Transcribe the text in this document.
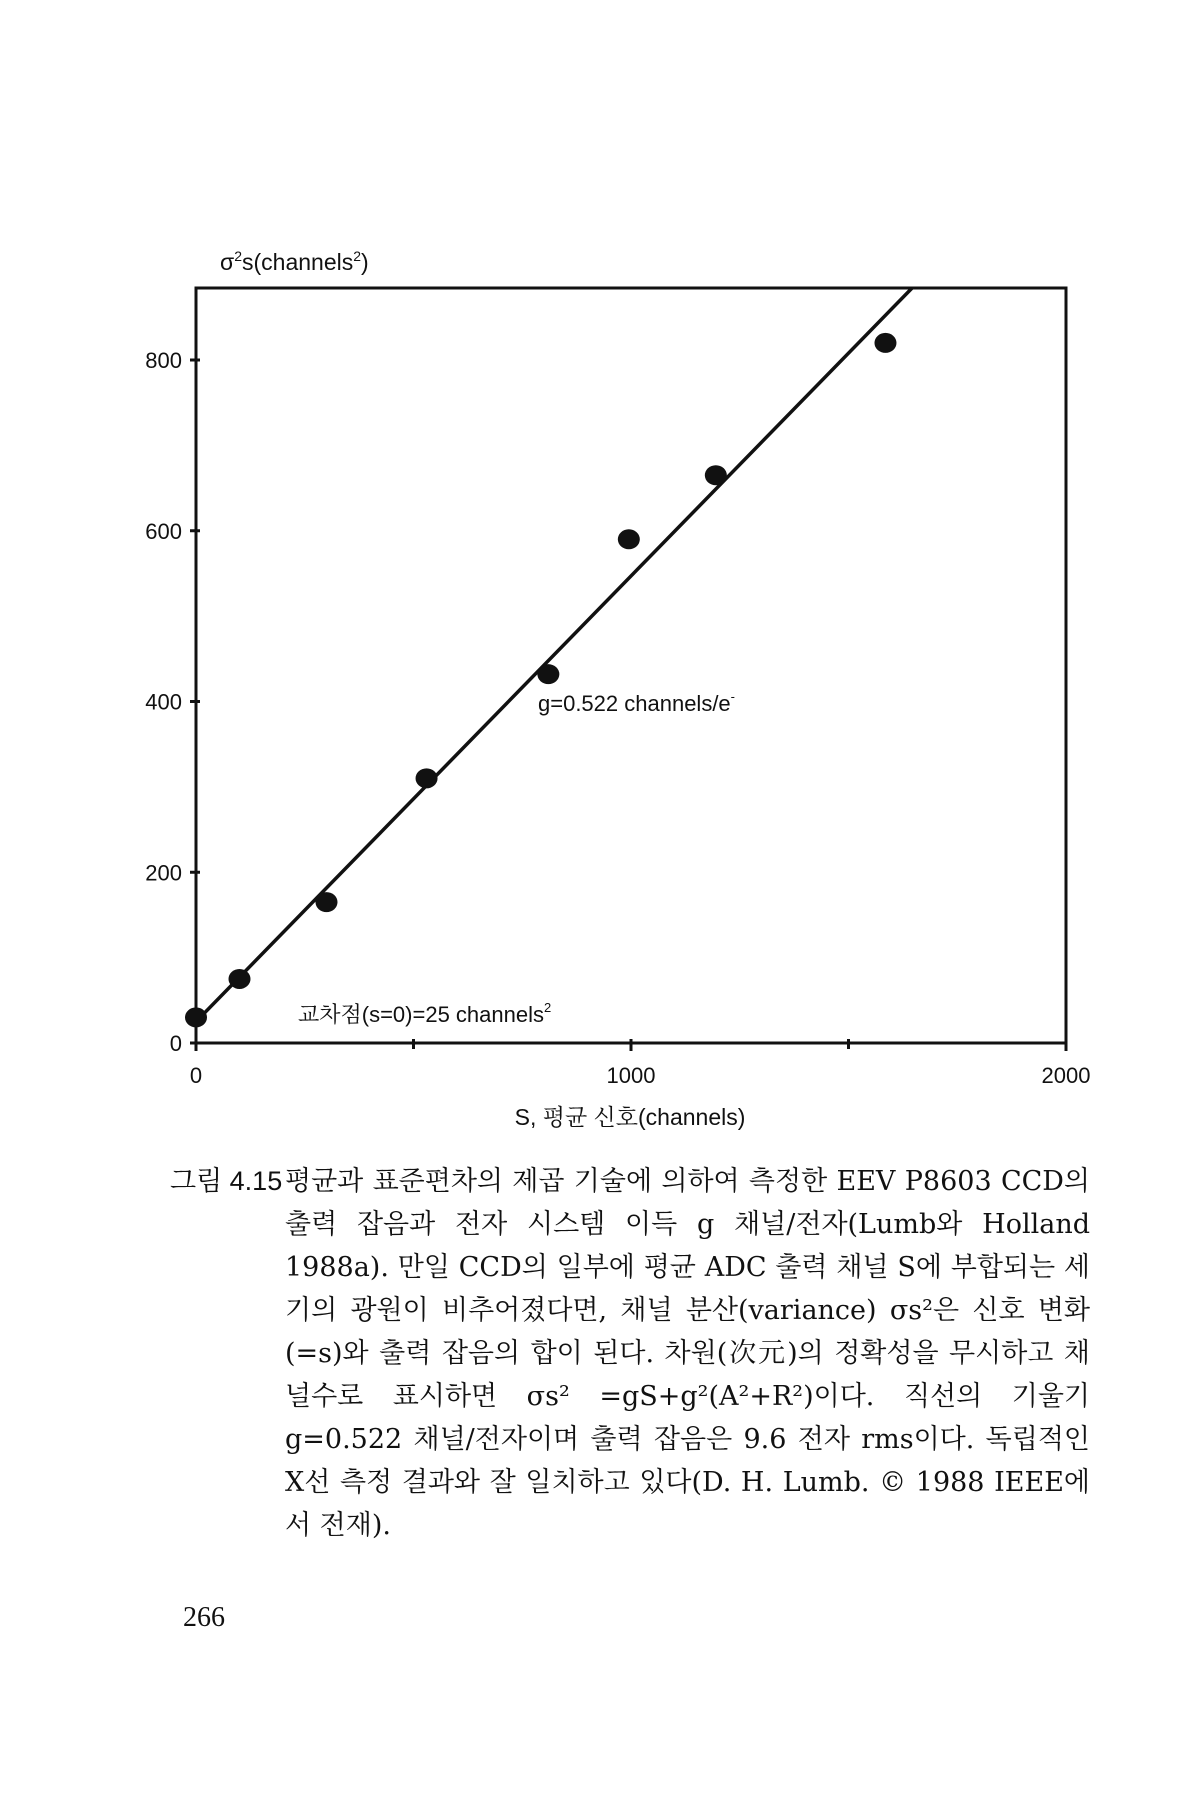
$\sigma^2s(channels^2)$
0
200
400
600
800
0	1000	2000
g=0.522 channels/e-
교차점(s=0)=25 channels$^2$
S, 평균 신호(channels)
그림 4.15 평균과 표준편차의 제곱 기술에 의하여 측정한 EEV P8603 CCD의 출력 잡음과 전자 시스템 이득 g 채널/전자(Lumb와 Holland 1988a). 만일 CCD의 일부에 평균 ADC 출력 채널 S에 부합되는 세기의 광원이 비추어졌다면, 채널 분산(variance) σs²은 신호 변화(=s)와 출력 잡음의 합이 된다. 차원(次元)의 정확성을 무시하고 채널수로 표시하면 σs² =gS+g²(A²+R²)이다. 직선의 기울기 g=0.522 채널/전자이며 출력 잡음은 9.6 전자 rms이다. 독립적인 X선 측정 결과와 잘 일치하고 있다(D. H. Lumb. © 1988 IEEE에서 전재).
266
